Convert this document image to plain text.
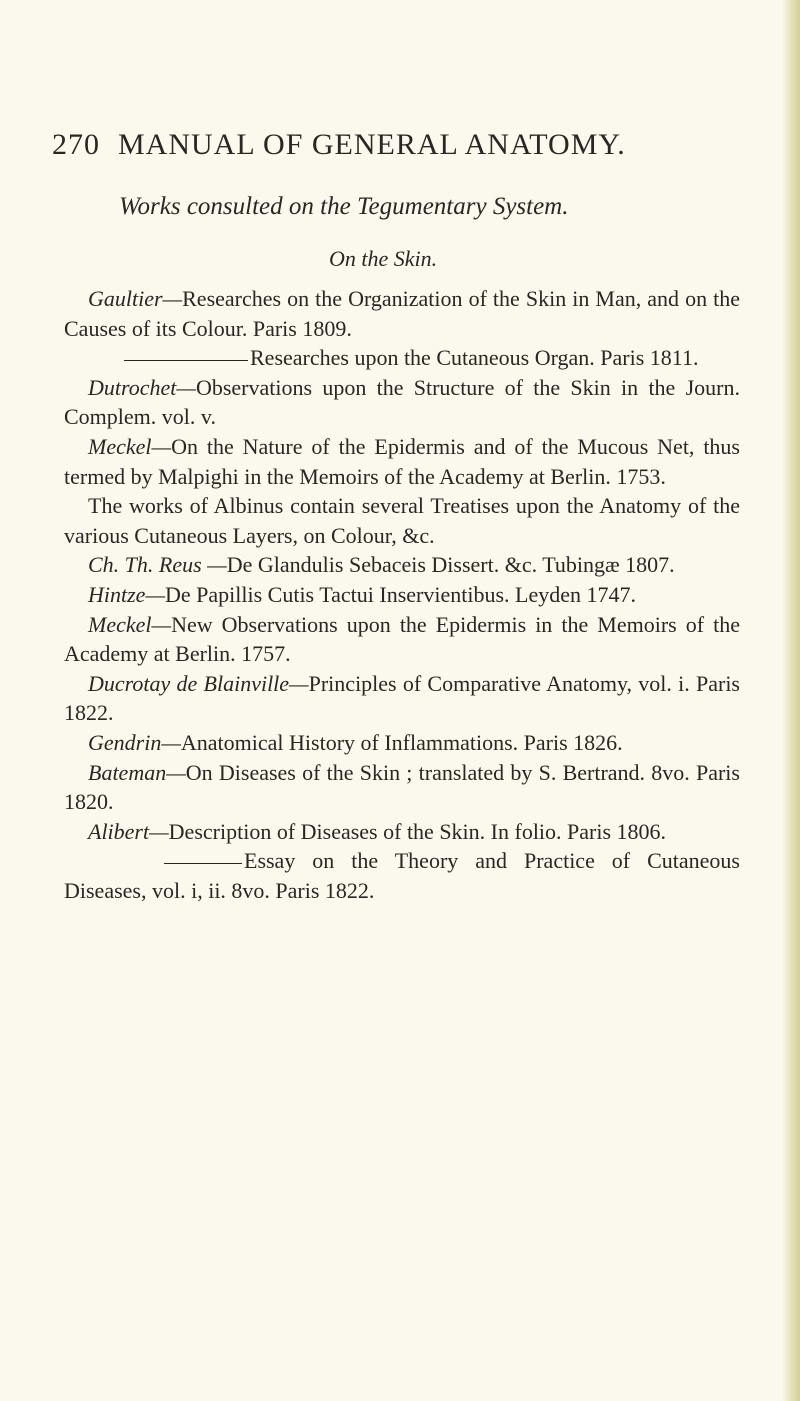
270 MANUAL OF GENERAL ANATOMY.
Works consulted on the Tegumentary System.
On the Skin.

Gaultier—Researches on the Organization of the Skin in Man, and on the Causes of its Colour. Paris 1809.

Researches upon the Cutaneous Organ. Paris 1811.

Dutrochet—Observations upon the Structure of the Skin in the Journ. Complem. vol. v.

Meckel—On the Nature of the Epidermis and of the Mucous Net, thus termed by Malpighi in the Memoirs of the Academy at Berlin. 1753.

The works of Albinus contain several Treatises upon the Anatomy of the various Cutaneous Layers, on Colour, &c.

Ch. Th. Reus —De Glandulis Sebaceis Dissert. &c. Tubingæ 1807.

Hintze—De Papillis Cutis Tactui Inservientibus. Leyden 1747.

Meckel—New Observations upon the Epidermis in the Memoirs of the Academy at Berlin. 1757.

Ducrotay de Blainville—Principles of Comparative Anatomy, vol. i. Paris 1822.

Gendrin—Anatomical History of Inflammations. Paris 1826.

Bateman—On Diseases of the Skin ; translated by S. Bertrand. 8vo. Paris 1820.

Alibert—Description of Diseases of the Skin. In folio. Paris 1806.

Essay on the Theory and Practice of Cutaneous Diseases, vol. i, ii. 8vo. Paris 1822.
